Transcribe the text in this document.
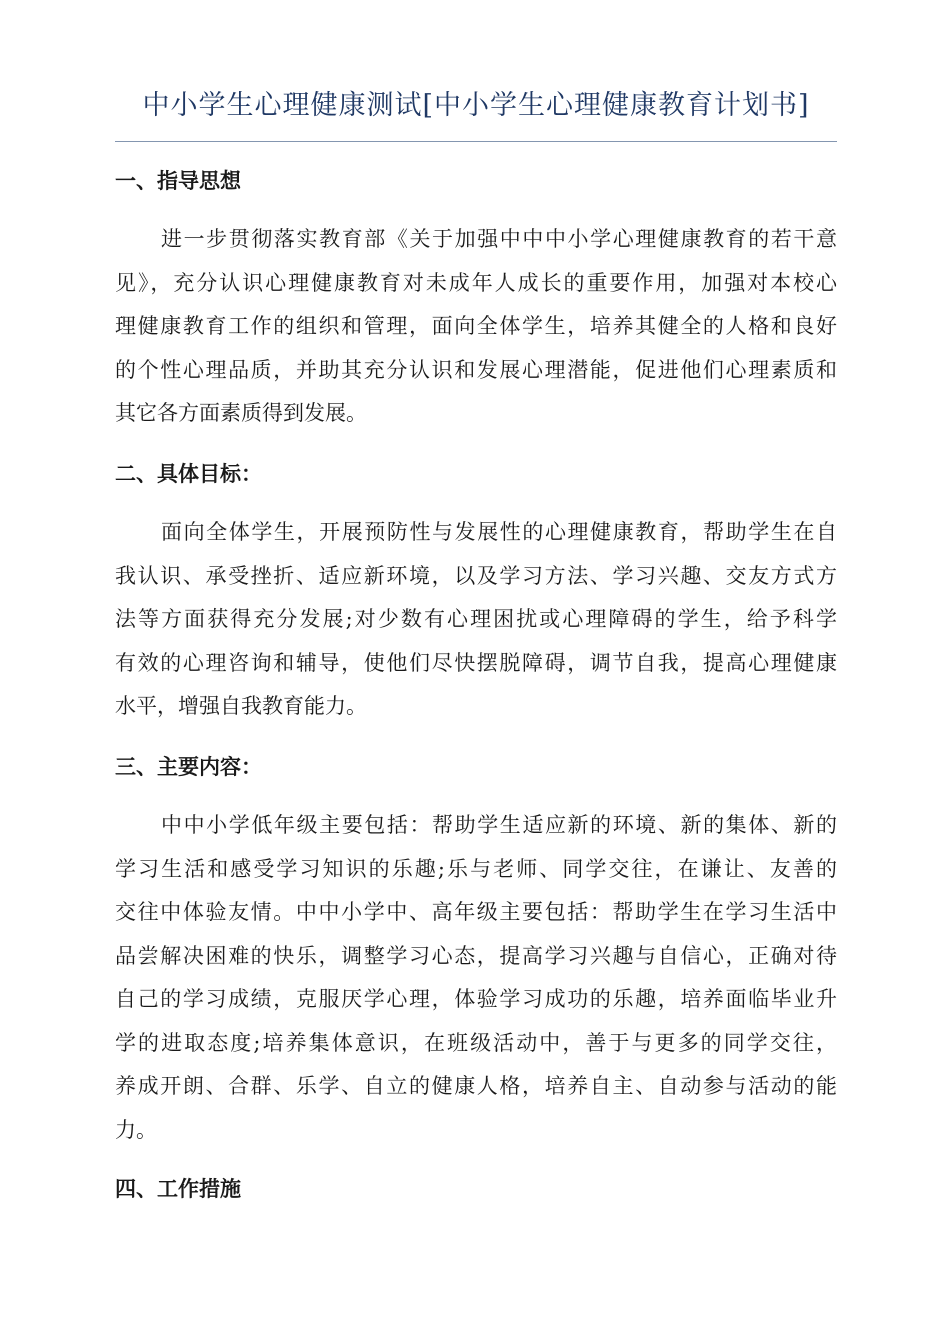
中小学生心理健康测试[中小学生心理健康教育计划书]
一、指导思想
进一步贯彻落实教育部《关于加强中中中小学心理健康教育的若干意
见》，充分认识心理健康教育对未成年人成长的重要作用，加强对本校心
理健康教育工作的组织和管理，面向全体学生，培养其健全的人格和良好
的个性心理品质，并助其充分认识和发展心理潜能，促进他们心理素质和
其它各方面素质得到发展。
二、具体目标：
面向全体学生，开展预防性与发展性的心理健康教育，帮助学生在自
我认识、承受挫折、适应新环境，以及学习方法、学习兴趣、交友方式方
法等方面获得充分发展;对少数有心理困扰或心理障碍的学生，给予科学
有效的心理咨询和辅导，使他们尽快摆脱障碍，调节自我，提高心理健康
水平，增强自我教育能力。
三、主要内容：
中中小学低年级主要包括：帮助学生适应新的环境、新的集体、新的
学习生活和感受学习知识的乐趣;乐与老师、同学交往，在谦让、友善的
交往中体验友情。中中小学中、高年级主要包括：帮助学生在学习生活中
品尝解决困难的快乐，调整学习心态，提高学习兴趣与自信心，正确对待
自己的学习成绩，克服厌学心理，体验学习成功的乐趣，培养面临毕业升
学的进取态度;培养集体意识，在班级活动中，善于与更多的同学交往，
养成开朗、合群、乐学、自立的健康人格，培养自主、自动参与活动的能
力。
四、工作措施
